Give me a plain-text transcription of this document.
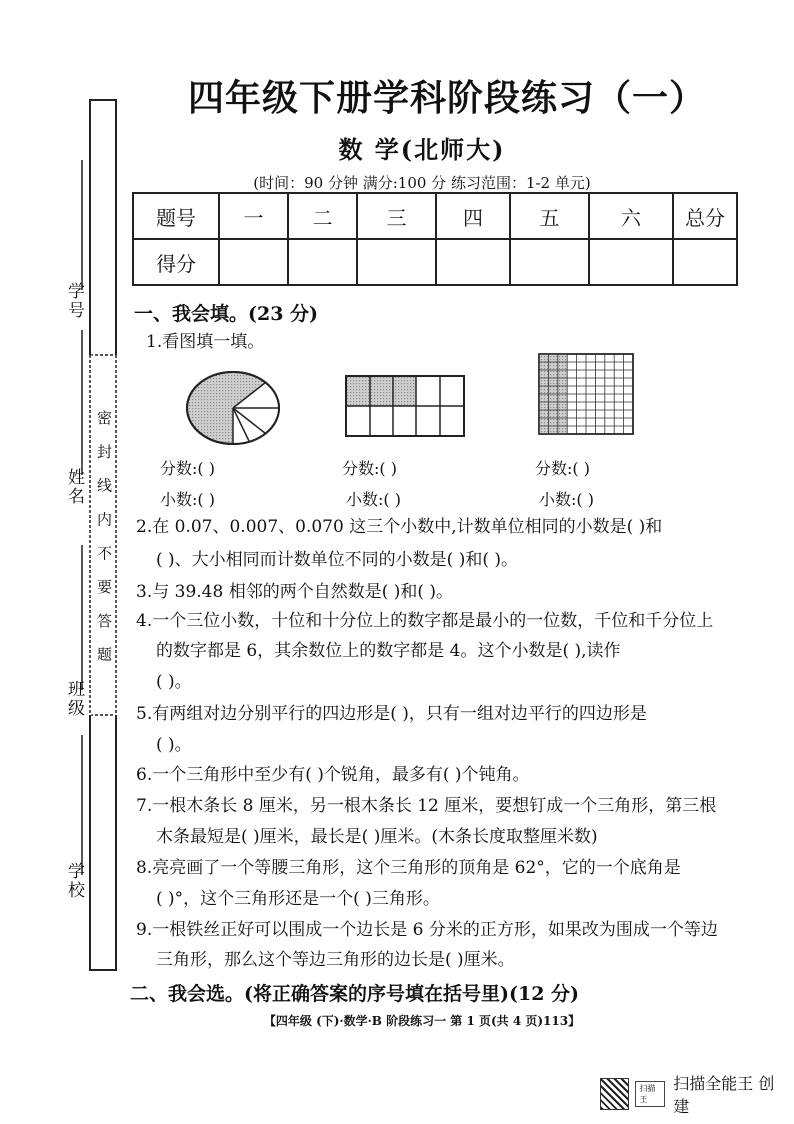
学号
姓名
班级
学校
密 封 线 内 不 要 答 题
四年级下册学科阶段练习（一）
数 学(北师大)
(时间：90 分钟 满分:100 分 练习范围：1-2 单元)
题号	一	二	三	四	五	六	总分
得分							
一、我会填。(23 分)
1.看图填一填。
分数:( )
小数:( )
分数:( )
小数:( )
分数:( )
小数:( )
2.在 0.07、0.007、0.070 这三个小数中,计数单位相同的小数是( )和
( )、大小相同而计数单位不同的小数是( )和( )。
3.与 39.48 相邻的两个自然数是( )和( )。
4.一个三位小数，十位和十分位上的数字都是最小的一位数，千位和千分位上
的数字都是 6，其余数位上的数字都是 4。这个小数是( ),读作
( )。
5.有两组对边分别平行的四边形是( )，只有一组对边平行的四边形是
( )。
6.一个三角形中至少有( )个锐角，最多有( )个钝角。
7.一根木条长 8 厘米，另一根木条长 12 厘米，要想钉成一个三角形，第三根
木条最短是( )厘米，最长是( )厘米。(木条长度取整厘米数)
8.亮亮画了一个等腰三角形，这个三角形的顶角是 62°，它的一个底角是
( )°，这个三角形还是一个( )三角形。
9.一根铁丝正好可以围成一个边长是 6 分米的正方形，如果改为围成一个等边
三角形，那么这个等边三角形的边长是( )厘米。
二、我会选。(将正确答案的序号填在括号里)(12 分)
【四年级 (下)·数学·B 阶段练习一 第 1 页(共 4 页)113】
扫描王
扫描全能王 创建
